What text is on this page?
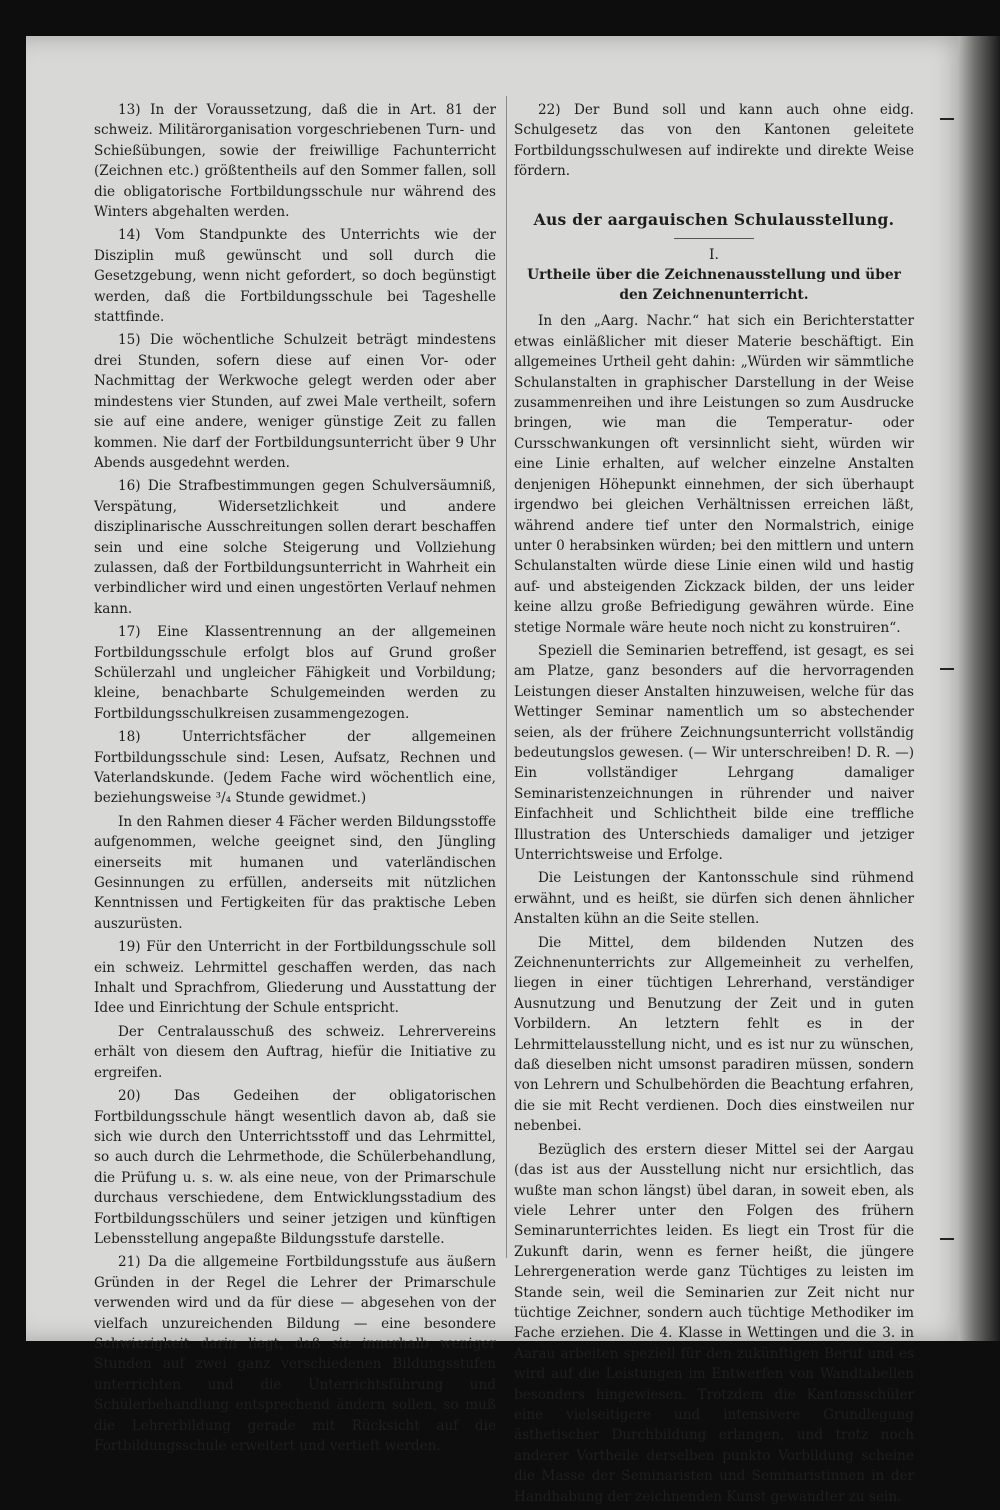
13) In der Voraussetzung, daß die in Art. 81 der schweiz. Militärorganisation vorgeschriebenen Turn- und Schießübungen, sowie der freiwillige Fachunterricht (Zeichnen etc.) größtentheils auf den Sommer fallen, soll die obligatorische Fortbildungsschule nur während des Winters abgehalten werden.

14) Vom Standpunkte des Unterrichts wie der Disziplin muß gewünscht und soll durch die Gesetzgebung, wenn nicht gefordert, so doch begünstigt werden, daß die Fortbildungsschule bei Tageshelle stattfinde.

15) Die wöchentliche Schulzeit beträgt mindestens drei Stunden, sofern diese auf einen Vor- oder Nachmittag der Werkwoche gelegt werden oder aber mindestens vier Stunden, auf zwei Male vertheilt, sofern sie auf eine andere, weniger günstige Zeit zu fallen kommen. Nie darf der Fortbildungsunterricht über 9 Uhr Abends ausgedehnt werden.

16) Die Strafbestimmungen gegen Schulversäumniß, Verspätung, Widersetzlichkeit und andere disziplinarische Ausschreitungen sollen derart beschaffen sein und eine solche Steigerung und Vollziehung zulassen, daß der Fortbildungsunterricht in Wahrheit ein verbindlicher wird und einen ungestörten Verlauf nehmen kann.

17) Eine Klassentrennung an der allgemeinen Fortbildungsschule erfolgt blos auf Grund großer Schülerzahl und ungleicher Fähigkeit und Vorbildung; kleine, benachbarte Schulgemeinden werden zu Fortbildungsschulkreisen zusammengezogen.

18) Unterrichtsfächer der allgemeinen Fortbildungsschule sind: Lesen, Aufsatz, Rechnen und Vaterlandskunde. (Jedem Fache wird wöchentlich eine, beziehungsweise ³/₄ Stunde gewidmet.)

In den Rahmen dieser 4 Fächer werden Bildungsstoffe aufgenommen, welche geeignet sind, den Jüngling einerseits mit humanen und vaterländischen Gesinnungen zu erfüllen, anderseits mit nützlichen Kenntnissen und Fertigkeiten für das praktische Leben auszurüsten.

19) Für den Unterricht in der Fortbildungsschule soll ein schweiz. Lehrmittel geschaffen werden, das nach Inhalt und Sprachfrom, Gliederung und Ausstattung der Idee und Einrichtung der Schule entspricht.

Der Centralausschuß des schweiz. Lehrervereins erhält von diesem den Auftrag, hiefür die Initiative zu ergreifen.

20) Das Gedeihen der obligatorischen Fortbildungsschule hängt wesentlich davon ab, daß sie sich wie durch den Unterrichtsstoff und das Lehrmittel, so auch durch die Lehrmethode, die Schülerbehandlung, die Prüfung u. s. w. als eine neue, von der Primarschule durchaus verschiedene, dem Entwicklungsstadium des Fortbildungsschülers und seiner jetzigen und künftigen Lebensstellung angepaßte Bildungsstufe darstelle.

21) Da die allgemeine Fortbildungsstufe aus äußern Gründen in der Regel die Lehrer der Primarschule verwenden wird und da für diese — abgesehen von der vielfach unzureichenden Bildung — eine besondere Schwierigkeit darin liegt, daß sie innerhalb weniger Stunden auf zwei ganz verschiedenen Bildungsstufen unterrichten und die Unterrichtsführung und Schülerbehandlung entsprechend ändern sollen, so muß die Lehrerbildung gerade mit Rücksicht auf die Fortbildungsschule erweitert und vertieft werden.

22) Der Bund soll und kann auch ohne eidg. Schulgesetz das von den Kantonen geleitete Fortbildungsschulwesen auf indirekte und direkte Weise fördern.

Aus der aargauischen Schulausstellung.

I.

Urtheile über die Zeichnenausstellung und über den Zeichnenunterricht.

In den „Aarg. Nachr.“ hat sich ein Berichterstatter etwas einläßlicher mit dieser Materie beschäftigt. Ein allgemeines Urtheil geht dahin: „Würden wir sämmtliche Schulanstalten in graphischer Darstellung in der Weise zusammenreihen und ihre Leistungen so zum Ausdrucke bringen, wie man die Temperatur- oder Cursschwankungen oft versinnlicht sieht, würden wir eine Linie erhalten, auf welcher einzelne Anstalten denjenigen Höhepunkt einnehmen, der sich überhaupt irgendwo bei gleichen Verhältnissen erreichen läßt, während andere tief unter den Normalstrich, einige unter 0 herabsinken würden; bei den mittlern und untern Schulanstalten würde diese Linie einen wild und hastig auf- und absteigenden Zickzack bilden, der uns leider keine allzu große Befriedigung gewähren würde. Eine stetige Normale wäre heute noch nicht zu konstruiren“.

Speziell die Seminarien betreffend, ist gesagt, es sei am Platze, ganz besonders auf die hervorragenden Leistungen dieser Anstalten hinzuweisen, welche für das Wettinger Seminar namentlich um so abstechender seien, als der frühere Zeichnungsunterricht vollständig bedeutungslos gewesen. (— Wir unterschreiben! D. R. —) Ein vollständiger Lehrgang damaliger Seminaristenzeichnungen in rührender und naiver Einfachheit und Schlichtheit bilde eine treffliche Illustration des Unterschieds damaliger und jetziger Unterrichtsweise und Erfolge.

Die Leistungen der Kantonsschule sind rühmend erwähnt, und es heißt, sie dürfen sich denen ähnlicher Anstalten kühn an die Seite stellen.

Die Mittel, dem bildenden Nutzen des Zeichnenunterrichts zur Allgemeinheit zu verhelfen, liegen in einer tüchtigen Lehrerhand, verständiger Ausnutzung und Benutzung der Zeit und in guten Vorbildern. An letztern fehlt es in der Lehrmittelausstellung nicht, und es ist nur zu wünschen, daß dieselben nicht umsonst paradiren müssen, sondern von Lehrern und Schulbehörden die Beachtung erfahren, die sie mit Recht verdienen. Doch dies einstweilen nur nebenbei.

Bezüglich des erstern dieser Mittel sei der Aargau (das ist aus der Ausstellung nicht nur ersichtlich, das wußte man schon längst) übel daran, in soweit eben, als viele Lehrer unter den Folgen des frühern Seminarunterrichtes leiden. Es liegt ein Trost für die Zukunft darin, wenn es ferner heißt, die jüngere Lehrergeneration werde ganz Tüchtiges zu leisten im Stande sein, weil die Seminarien zur Zeit nicht nur tüchtige Zeichner, sondern auch tüchtige Methodiker im Fache erziehen. Die 4. Klasse in Wettingen und die 3. in Aarau arbeiten speziell für den zukünftigen Beruf und es wird auf die Leistungen im Entwerfen von Wandtabellen besonders hingewiesen. Trotzdem die Kantonsschüler eine vielseitigere und intensivere Grundlegung ästhetischer Durchbildung erlangen, und trotz noch anderer Vortheile derselben punkto Vorbildung scheine die Masse der Seminaristen und Seminaristinnen in der Handhabung der zeichnenden Kunst gewandter zu sein.
